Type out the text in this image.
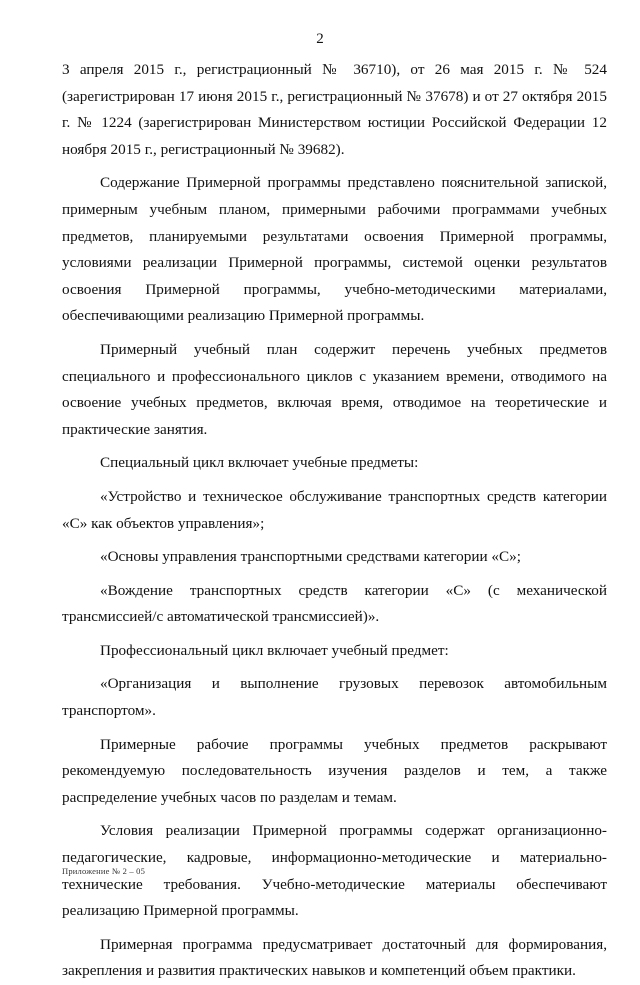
2

3 апреля 2015 г., регистрационный № 36710), от 26 мая 2015 г. № 524 (зарегистрирован 17 июня 2015 г., регистрационный № 37678) и от 27 октября 2015 г. № 1224 (зарегистрирован Министерством юстиции Российской Федерации 12 ноября 2015 г., регистрационный № 39682).

Содержание Примерной программы представлено пояснительной запиской, примерным учебным планом, примерными рабочими программами учебных предметов, планируемыми результатами освоения Примерной программы, условиями реализации Примерной программы, системой оценки результатов освоения Примерной программы, учебно-методическими материалами, обеспечивающими реализацию Примерной программы.

Примерный учебный план содержит перечень учебных предметов специального и профессионального циклов с указанием времени, отводимого на освоение учебных предметов, включая время, отводимое на теоретические и практические занятия.

Специальный цикл включает учебные предметы:

«Устройство и техническое обслуживание транспортных средств категории «С» как объектов управления»;

«Основы управления транспортными средствами категории «С»;

«Вождение транспортных средств категории «С» (с механической трансмиссией/с автоматической трансмиссией)».

Профессиональный цикл включает учебный предмет:

«Организация и выполнение грузовых перевозок автомобильным транспортом».

Примерные рабочие программы учебных предметов раскрывают рекомендуемую последовательность изучения разделов и тем, а также распределение учебных часов по разделам и темам.

Условия реализации Примерной программы содержат организационно-педагогические, кадровые, информационно-методические и материально-технические требования. Учебно-методические материалы обеспечивают реализацию Примерной программы.

Примерная программа предусматривает достаточный для формирования, закрепления и развития практических навыков и компетенций объем практики.

Приложение № 2 – 05
